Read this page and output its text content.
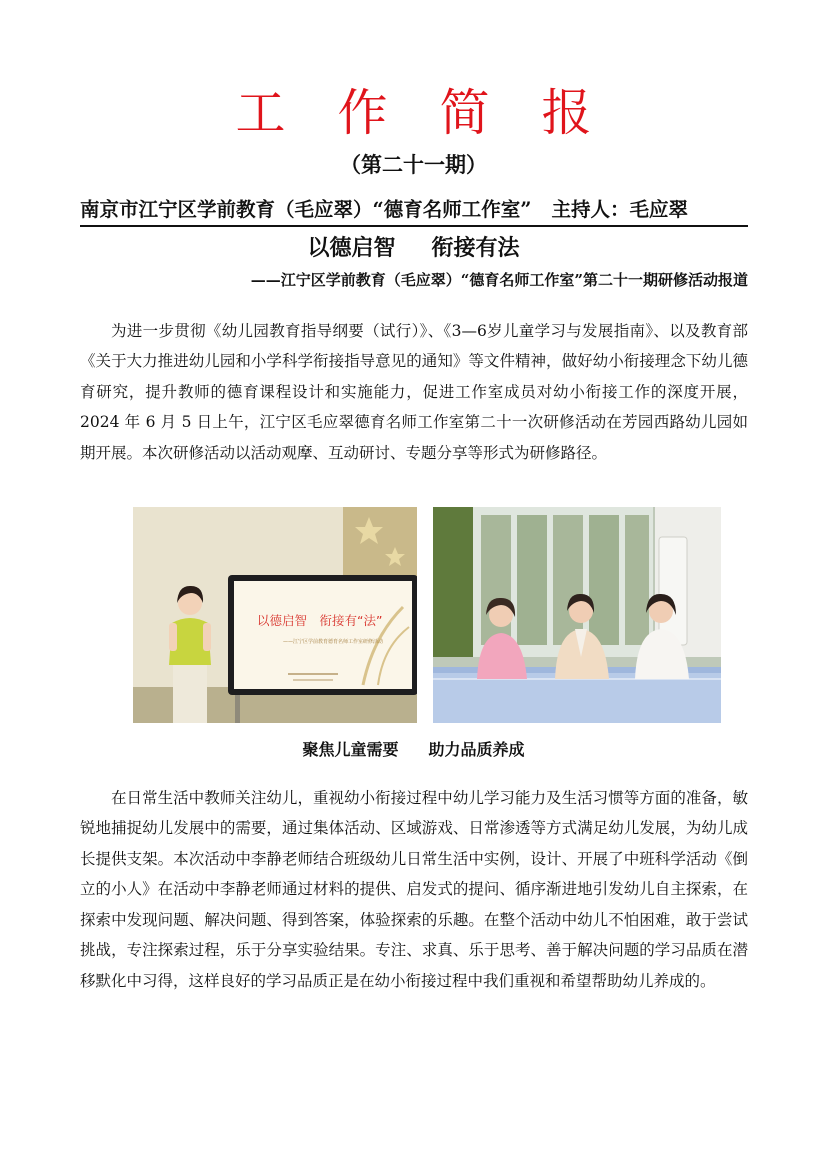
工作简报
（第二十一期）
南京市江宁区学前教育（毛应翠）“德育名师工作室” 主持人：毛应翠
以德启智 衔接有法
——江宁区学前教育（毛应翠）“德育名师工作室”第二十一期研修活动报道

为进一步贯彻《幼儿园教育指导纲要（试行）》、《3—6岁儿童学习与发展指南》、以及教育部《关于大力推进幼儿园和小学科学衔接指导意见的通知》等文件精神，做好幼小衔接理念下幼儿德育研究，提升教师的德育课程设计和实施能力，促进工作室成员对幼小衔接工作的深度开展，2024 年 6 月 5 日上午，江宁区毛应翠德育名师工作室第二十一次研修活动在芳园西路幼儿园如期开展。本次研修活动以活动观摩、互动研讨、专题分享等形式为研修路径。

以德启智　衔接有“法”
——江宁区学前教育德育名师工作室研修活动
聚焦儿童需要 助力品质养成

在日常生活中教师关注幼儿，重视幼小衔接过程中幼儿学习能力及生活习惯等方面的准备，敏锐地捕捉幼儿发展中的需要，通过集体活动、区域游戏、日常渗透等方式满足幼儿发展，为幼儿成长提供支架。本次活动中李静老师结合班级幼儿日常生活中实例，设计、开展了中班科学活动《倒立的小人》在活动中李静老师通过材料的提供、启发式的提问、循序渐进地引发幼儿自主探索，在探索中发现问题、解决问题、得到答案，体验探索的乐趣。在整个活动中幼儿不怕困难，敢于尝试挑战，专注探索过程，乐于分享实验结果。专注、求真、乐于思考、善于解决问题的学习品质在潜移默化中习得，这样良好的学习品质正是在幼小衔接过程中我们重视和希望帮助幼儿养成的。
